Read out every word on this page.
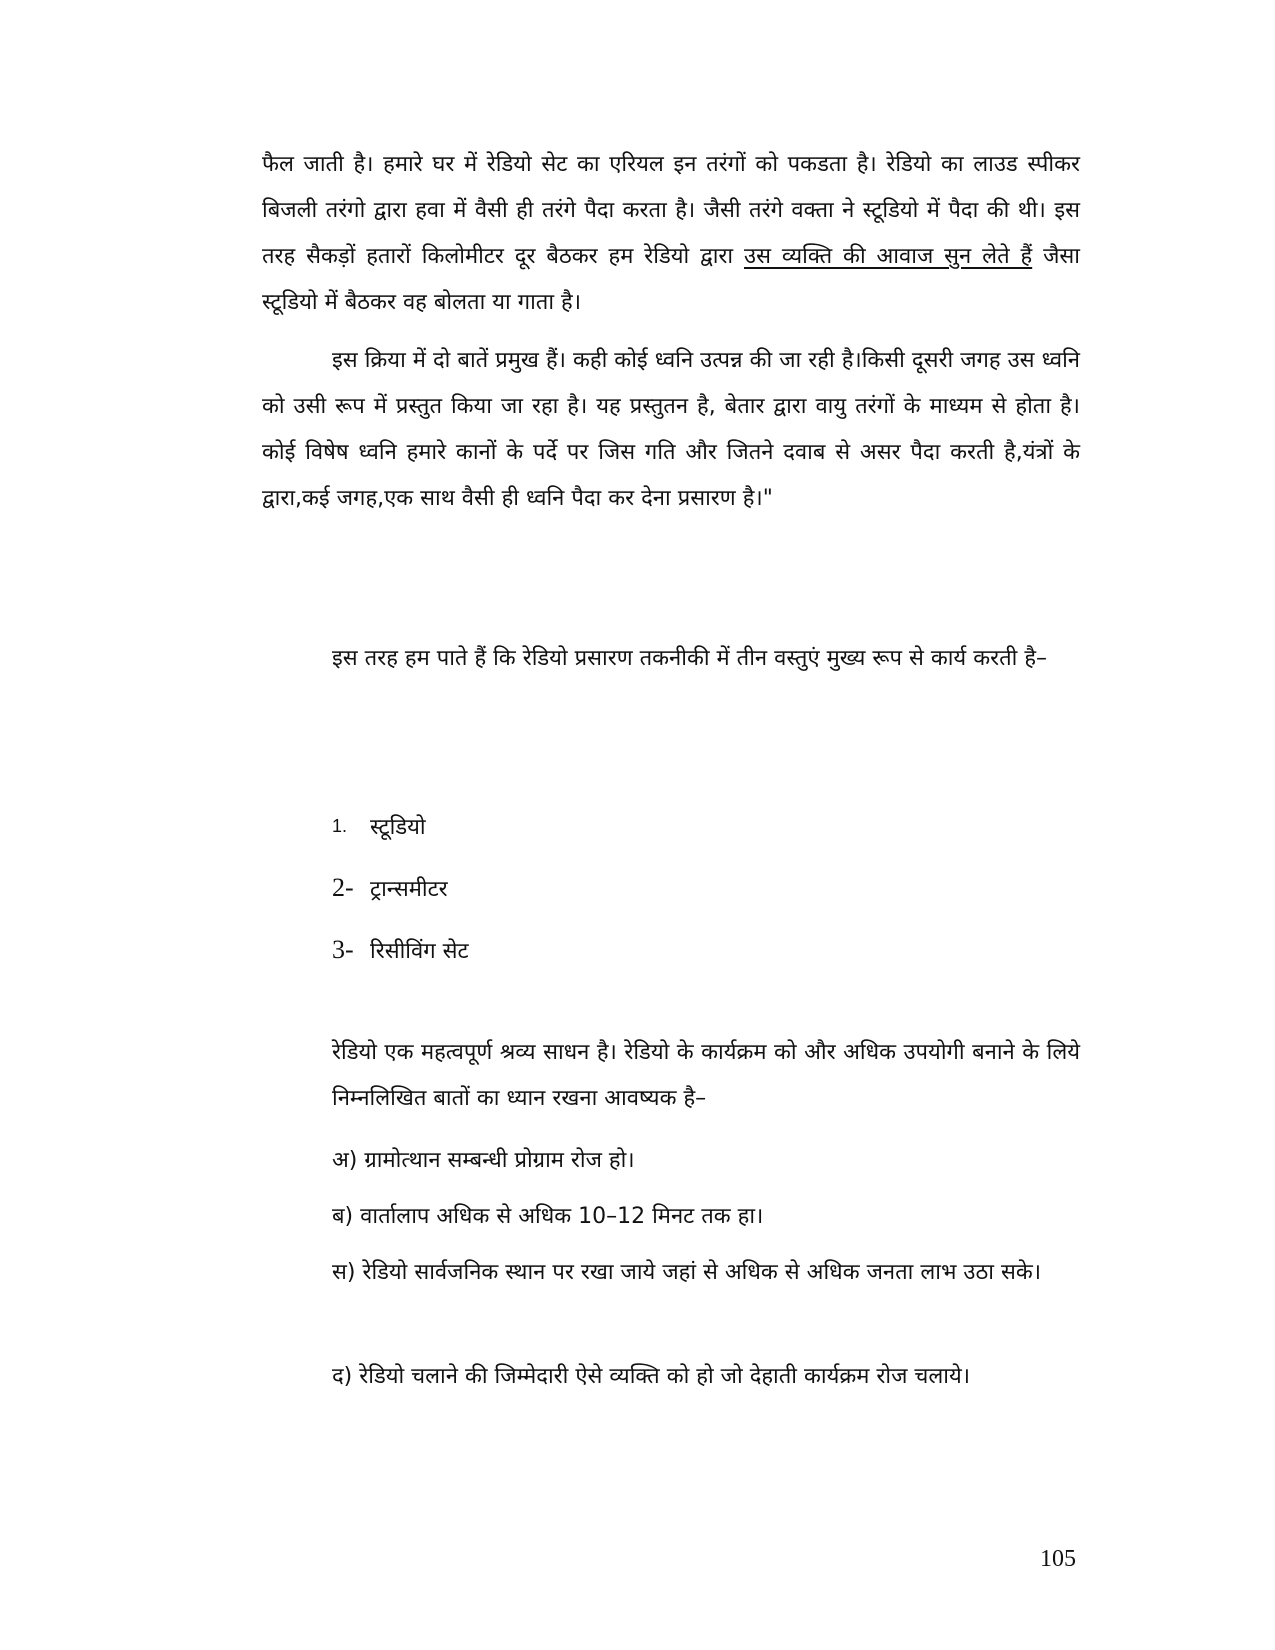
फैल जाती है। हमारे घर में रेडियो सेट का एरियल इन तरंगों को पकडता है। रेडियो का लाउड स्पीकर बिजली तरंगो द्वारा हवा में वैसी ही तरंगे पैदा करता है। जैसी तरंगे वक्ता ने स्टूडियो में पैदा की थी। इस तरह सैकड़ों हतारों किलोमीटर दूर बैठकर हम रेडियो द्वारा उस व्यक्ति की आवाज सुन लेते हैं जैसा स्टूडियो में बैठकर वह बोलता या गाता है।

इस क्रिया में दो बातें प्रमुख हैं। कही कोई ध्वनि उत्पन्न की जा रही है।किसी दूसरी जगह उस ध्वनि को उसी रूप में प्रस्तुत किया जा रहा है। यह प्रस्तुतन है, बेतार द्वारा वायु तरंगों के माध्यम से होता है। कोई विषेष ध्वनि हमारे कानों के पर्दे पर जिस गति और जितने दवाब से असर पैदा करती है,यंत्रों के द्वारा,कई जगह,एक साथ वैसी ही ध्वनि पैदा कर देना प्रसारण है।"

इस तरह हम पाते हैं कि रेडियो प्रसारण तकनीकी में तीन वस्तुएं मुख्य रूप से कार्य करती है–

1.	स्टूडियो
2- ट्रान्समीटर
3- रिसीविंग सेट

रेडियो एक महत्वपूर्ण श्रव्य साधन है। रेडियो के कार्यक्रम को और अधिक उपयोगी बनाने के लिये निम्नलिखित बातों का ध्यान रखना आवष्यक है–

अ) ग्रामोत्थान सम्बन्धी प्रोग्राम रोज हो।

ब) वार्तालाप अधिक से अधिक 10–12 मिनट तक हा।

स) रेडियो सार्वजनिक स्थान पर रखा जाये जहां से अधिक से अधिक जनता लाभ उठा सके।

द) रेडियो चलाने की जिम्मेदारी ऐसे व्यक्ति को हो जो देहाती कार्यक्रम रोज चलाये।

105
